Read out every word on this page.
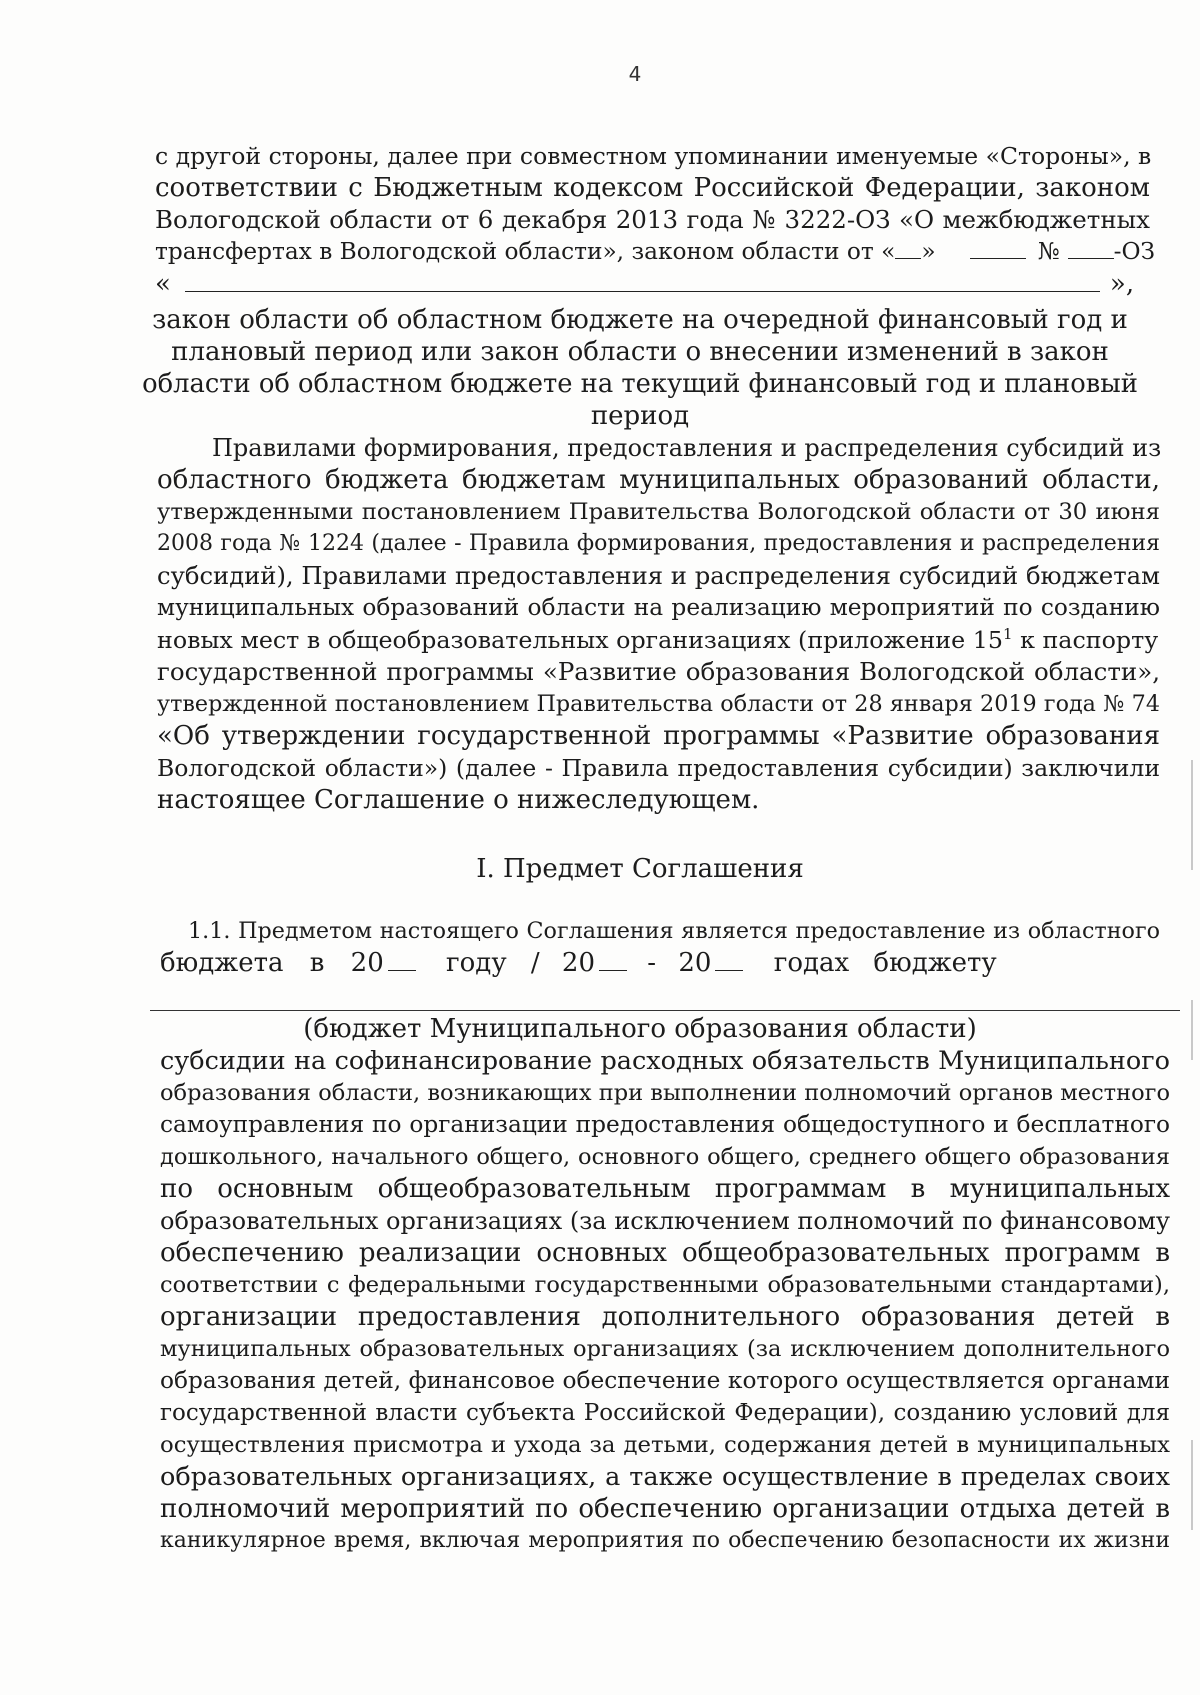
4
с другой стороны, далее при совместном упоминании именуемые «Стороны», в
соответствии с Бюджетным кодексом Российской Федерации, законом
Вологодской области от 6 декабря 2013 года № 3222-ОЗ «О межбюджетных
трансфертах в Вологодской области», законом области от « »	№ -ОЗ
«	»,
закон области об областном бюджете на очередной финансовый год и
плановый период или закон области о внесении изменений в закон
области об областном бюджете на текущий финансовый год и плановый
период
Правилами формирования, предоставления и распределения субсидий из
областного бюджета бюджетам муниципальных образований области,
утвержденными постановлением Правительства Вологодской области от 30 июня
2008 года № 1224 (далее - Правила формирования, предоставления и распределения
субсидий), Правилами предоставления и распределения субсидий бюджетам
муниципальных образований области на реализацию мероприятий по созданию
новых мест в общеобразовательных организациях (приложение $15^1$ к паспорту
государственной программы «Развитие образования Вологодской области»,
утвержденной постановлением Правительства области от 28 января 2019 года № 74
«Об утверждении государственной программы «Развитие образования
Вологодской области») (далее - Правила предоставления субсидии) заключили
настоящее Соглашение о нижеследующем.
I. Предмет Соглашения
1.1. Предметом настоящего Соглашения является предоставление из областного
бюджета в 20 году / 20 - 20 годах бюджету
(бюджет Муниципального образования области)
субсидии на софинансирование расходных обязательств Муниципального
образования области, возникающих при выполнении полномочий органов местного
самоуправления по организации предоставления общедоступного и бесплатного
дошкольного, начального общего, основного общего, среднего общего образования
по основным общеобразовательным программам в муниципальных
образовательных организациях (за исключением полномочий по финансовому
обеспечению реализации основных общеобразовательных программ в
соответствии с федеральными государственными образовательными стандартами),
организации предоставления дополнительного образования детей в
муниципальных образовательных организациях (за исключением дополнительного
образования детей, финансовое обеспечение которого осуществляется органами
государственной власти субъекта Российской Федерации), созданию условий для
осуществления присмотра и ухода за детьми, содержания детей в муниципальных
образовательных организациях, а также осуществление в пределах своих
полномочий мероприятий по обеспечению организации отдыха детей в
каникулярное время, включая мероприятия по обеспечению безопасности их жизни
